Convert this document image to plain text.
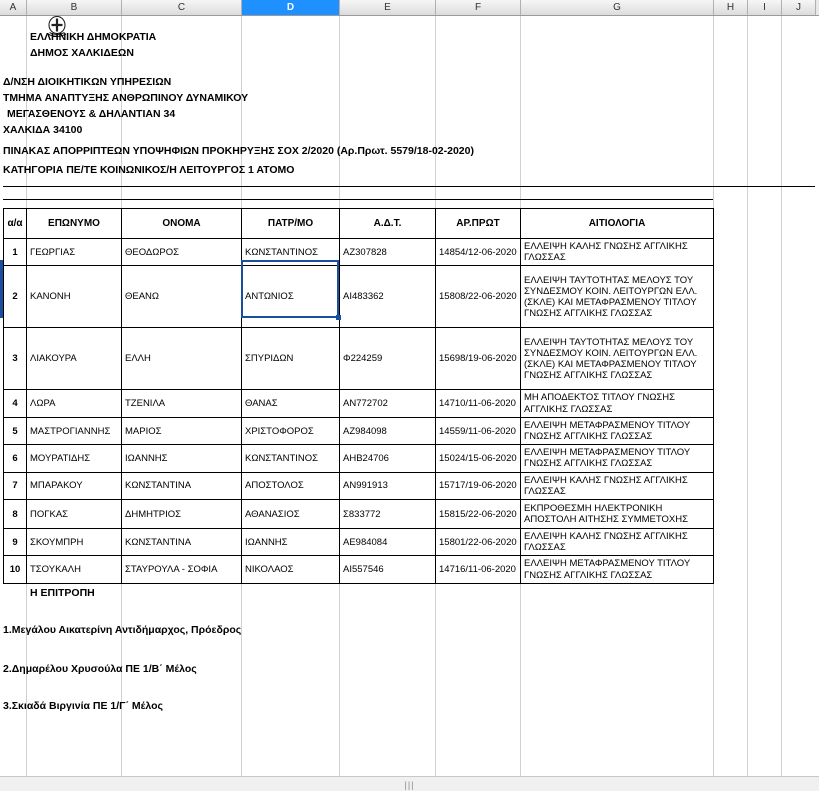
A	B	C	D	E	F	G	H	I	J
ΕΛΛΗΝΙΚΗ ΔΗΜΟΚΡΑΤΙΑ
ΔΗΜΟΣ ΧΑΛΚΙΔΕΩΝ
Δ/ΝΣΗ ΔΙΟΙΚΗΤΙΚΩΝ ΥΠΗΡΕΣΙΩΝ
ΤΜΗΜΑ ΑΝΑΠΤΥΞΗΣ ΑΝΘΡΩΠΙΝΟΥ ΔΥΝΑΜΙΚΟΥ
ΜΕΓΑΣΘΕΝΟΥΣ & ΔΗΛΑΝΤΙΑΝ 34
ΧΑΛΚΙΔΑ 34100
ΠΙΝΑΚΑΣ ΑΠΟΡΡΙΠΤΕΩΝ ΥΠΟΨΗΦΙΩΝ ΠΡΟΚΗΡΥΞΗΣ ΣΟΧ 2/2020 (Αρ.Πρωτ. 5579/18-02-2020)
ΚΑΤΗΓΟΡΙΑ ΠΕ/ΤΕ ΚΟΙΝΩΝΙΚΟΣ/Η ΛΕΙΤΟΥΡΓΟΣ 1 ΑΤΟΜΟ
α/α	ΕΠΩΝΥΜΟ	ΟΝΟΜΑ	ΠΑΤΡ/ΜΟ	Α.Δ.Τ.	ΑΡ.ΠΡΩΤ	ΑΙΤΙΟΛΟΓΙΑ
1	ΓΕΩΡΓΙΑΣ	ΘΕΟΔΩΡΟΣ	ΚΩΝΣΤΑΝΤΙΝΟΣ	ΑΖ307828	14854/12-06-2020	ΕΛΛΕΙΨΗ ΚΑΛΗΣ ΓΝΩΣΗΣ ΑΓΓΛΙΚΗΣ ΓΛΩΣΣΑΣ
2	ΚΑΝΟΝΗ	ΘΕΑΝΩ	ΑΝΤΩΝΙΟΣ	ΑΙ483362	15808/22-06-2020	ΕΛΛΕΙΨΗ ΤΑΥΤΟΤΗΤΑΣ ΜΕΛΟΥΣ ΤΟΥ ΣΥΝΔΕΣΜΟΥ ΚΟΙΝ. ΛΕΙΤΟΥΡΓΩΝ ΕΛΛ. (ΣΚΛΕ) ΚΑΙ ΜΕΤΑΦΡΑΣΜΕΝΟΥ ΤΙΤΛΟΥ ΓΝΩΣΗΣ ΑΓΓΛΙΚΗΣ ΓΛΩΣΣΑΣ
3	ΛΙΑΚΟΥΡΑ	ΕΛΛΗ	ΣΠΥΡΙΔΩΝ	Φ224259	15698/19-06-2020	ΕΛΛΕΙΨΗ ΤΑΥΤΟΤΗΤΑΣ ΜΕΛΟΥΣ ΤΟΥ ΣΥΝΔΕΣΜΟΥ ΚΟΙΝ. ΛΕΙΤΟΥΡΓΩΝ ΕΛΛ. (ΣΚΛΕ) ΚΑΙ ΜΕΤΑΦΡΑΣΜΕΝΟΥ ΤΙΤΛΟΥ ΓΝΩΣΗΣ ΑΓΓΛΙΚΗΣ ΓΛΩΣΣΑΣ
4	ΛΩΡΑ	ΤΖΕΝΙΛΑ	ΘΑΝΑΣ	ΑΝ772702	14710/11-06-2020	ΜΗ ΑΠΟΔΕΚΤΟΣ ΤΙΤΛΟΥ ΓΝΩΣΗΣ ΑΓΓΛΙΚΗΣ ΓΛΩΣΣΑΣ
5	ΜΑΣΤΡΟΓΙΑΝΝΗΣ	ΜΑΡΙΟΣ	ΧΡΙΣΤΟΦΟΡΟΣ	ΑΖ984098	14559/11-06-2020	ΕΛΛΕΙΨΗ ΜΕΤΑΦΡΑΣΜΕΝΟΥ ΤΙΤΛΟΥ ΓΝΩΣΗΣ ΑΓΓΛΙΚΗΣ ΓΛΩΣΣΑΣ
6	ΜΟΥΡΑΤΙΔΗΣ	ΙΩΑΝΝΗΣ	ΚΩΝΣΤΑΝΤΙΝΟΣ	ΑΗΒ24706	15024/15-06-2020	ΕΛΛΕΙΨΗ ΜΕΤΑΦΡΑΣΜΕΝΟΥ ΤΙΤΛΟΥ ΓΝΩΣΗΣ ΑΓΓΛΙΚΗΣ ΓΛΩΣΣΑΣ
7	ΜΠΑΡΑΚΟΥ	ΚΩΝΣΤΑΝΤΙΝΑ	ΑΠΟΣΤΟΛΟΣ	ΑΝ991913	15717/19-06-2020	ΕΛΛΕΙΨΗ ΚΑΛΗΣ ΓΝΩΣΗΣ ΑΓΓΛΙΚΗΣ ΓΛΩΣΣΑΣ
8	ΠΟΓΚΑΣ	ΔΗΜΗΤΡΙΟΣ	ΑΘΑΝΑΣΙΟΣ	Σ833772	15815/22-06-2020	ΕΚΠΡΟΘΕΣΜΗ ΗΛΕΚΤΡΟΝΙΚΗ ΑΠΟΣΤΟΛΗ ΑΙΤΗΣΗΣ ΣΥΜΜΕΤΟΧΗΣ
9	ΣΚΟΥΜΠΡΗ	ΚΩΝΣΤΑΝΤΙΝΑ	ΙΩΑΝΝΗΣ	ΑΕ984084	15801/22-06-2020	ΕΛΛΕΙΨΗ ΚΑΛΗΣ ΓΝΩΣΗΣ ΑΓΓΛΙΚΗΣ ΓΛΩΣΣΑΣ
10	ΤΣΟΥΚΑΛΗ	ΣΤΑΥΡΟΥΛΑ - ΣΟΦΙΑ	ΝΙΚΟΛΑΟΣ	ΑΙ557546	14716/11-06-2020	ΕΛΛΕΙΨΗ ΜΕΤΑΦΡΑΣΜΕΝΟΥ ΤΙΤΛΟΥ ΓΝΩΣΗΣ ΑΓΓΛΙΚΗΣ ΓΛΩΣΣΑΣ
Η ΕΠΙΤΡΟΠΗ
1.Μεγάλου Αικατερίνη Αντιδήμαρχος, Πρόεδρος
2.Δημαρέλου Χρυσούλα ΠΕ 1/Β΄ Μέλος
3.Σκιαδά Βιργινία ΠΕ 1/Γ΄ Μέλος
|||
